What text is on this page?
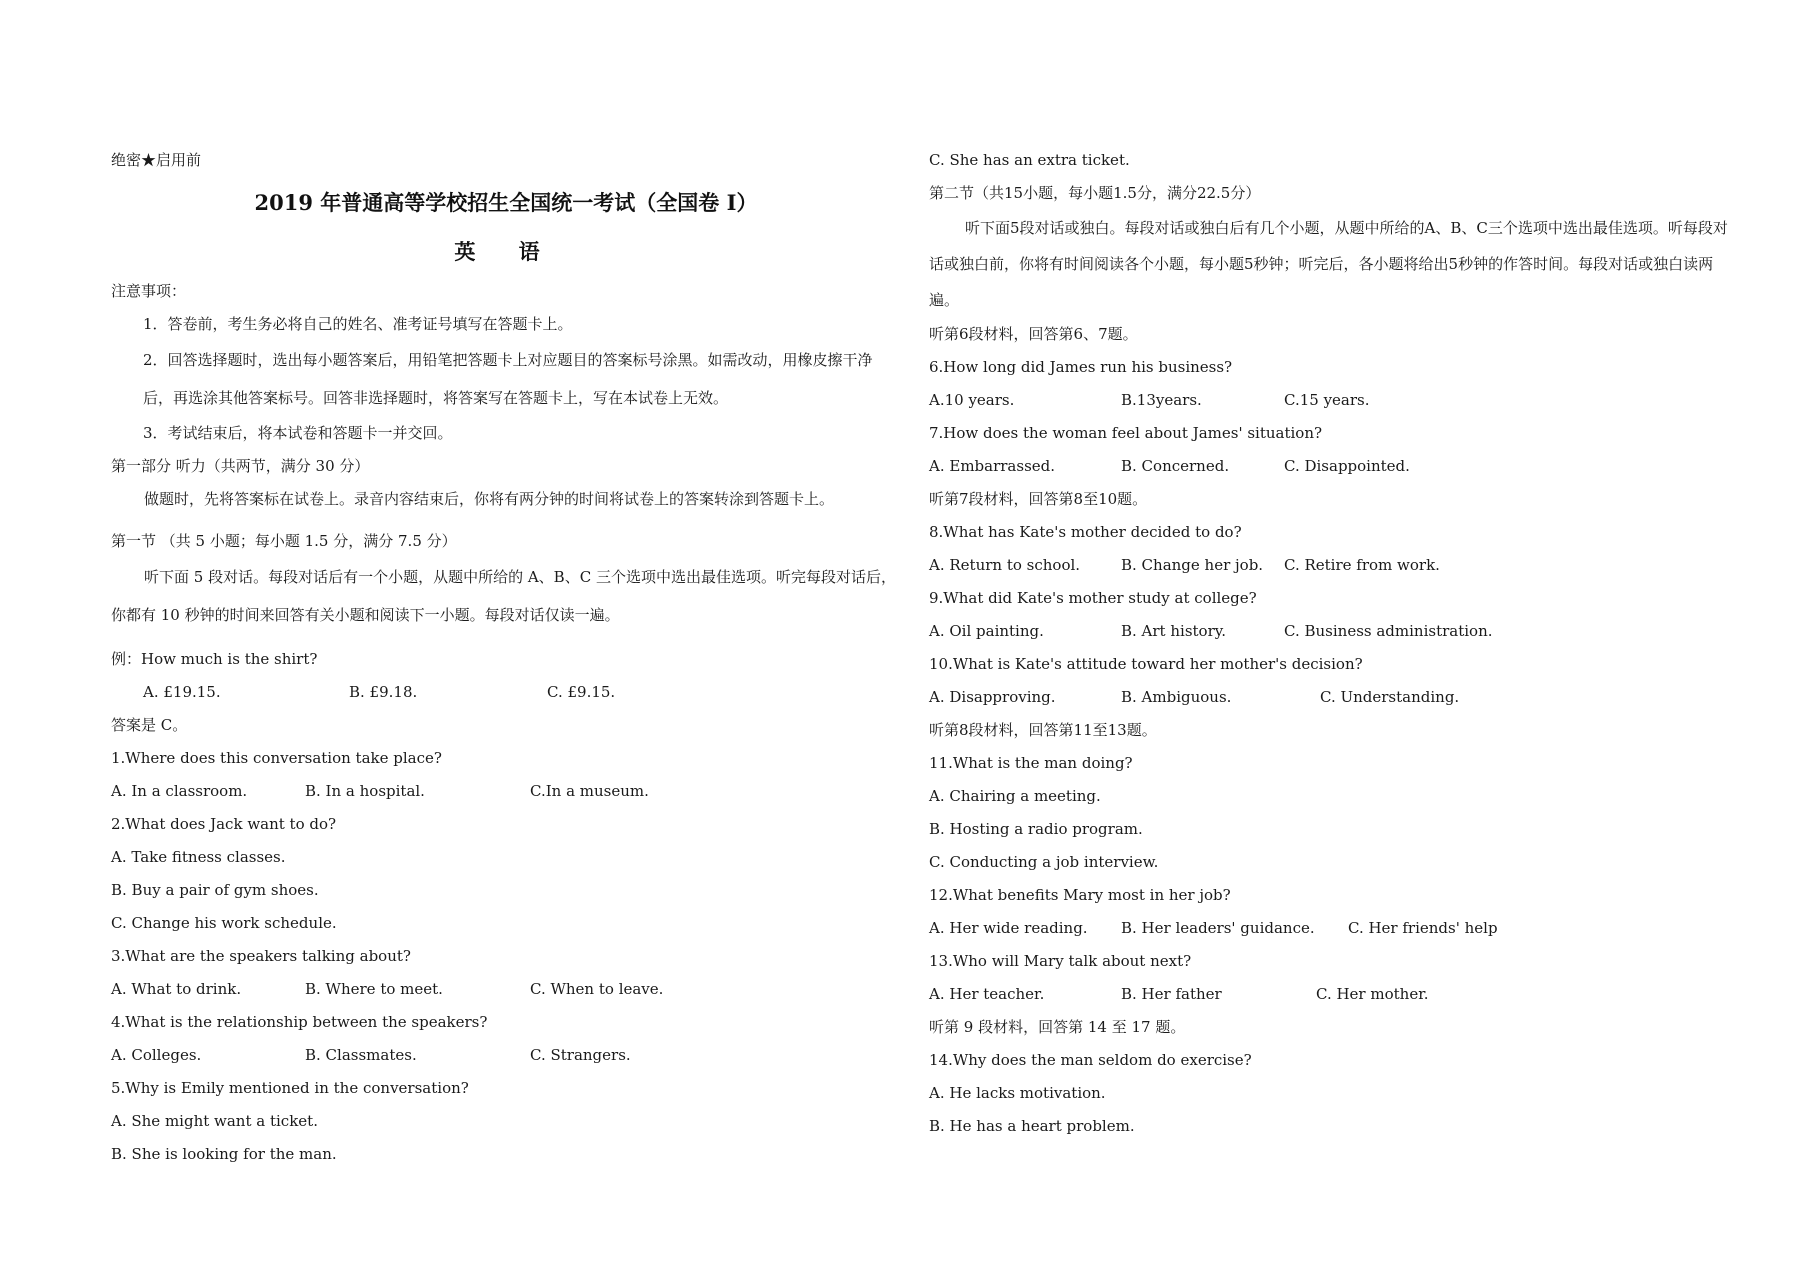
绝密★启用前
2019 年普通高等学校招生全国统一考试（全国卷 I）
英 语
注意事项：
1．答卷前，考生务必将自己的姓名、准考证号填写在答题卡上。
2．回答选择题时，选出每小题答案后，用铅笔把答题卡上对应题目的答案标号涂黑。如需改动，用橡皮擦干净后，再选涂其他答案标号。回答非选择题时，将答案写在答题卡上，写在本试卷上无效。
3．考试结束后，将本试卷和答题卡一并交回。
第一部分 听力（共两节，满分 30 分）
做题时，先将答案标在试卷上。录音内容结束后，你将有两分钟的时间将试卷上的答案转涂到答题卡上。
第一节 （共 5 小题；每小题 1.5 分，满分 7.5 分）
听下面 5 段对话。每段对话后有一个小题，从题中所给的 A、B、C 三个选项中选出最佳选项。听完每段对话后，你都有 10 秒钟的时间来回答有关小题和阅读下一小题。每段对话仅读一遍。
例：How much is the shirt?
A. £19.15.	B. £9.18.	C. £9.15.
答案是 C。
1.Where does this conversation take place?
A. In a classroom.	B. In a hospital.	C.In a museum.
2.What does Jack want to do?
A. Take fitness classes.
B. Buy a pair of gym shoes.
C. Change his work schedule.
3.What are the speakers talking about?
A. What to drink.	B. Where to meet.	C. When to leave.
4.What is the relationship between the speakers?
A. Colleges.	B. Classmates.	C. Strangers.
5.Why is Emily mentioned in the conversation?
A. She might want a ticket.
B. She is looking for the man.
C. She has an extra ticket.
第二节（共15小题，每小题1.5分，满分22.5分）
听下面5段对话或独白。每段对话或独白后有几个小题，从题中所给的A、B、C三个选项中选出最佳选项。听每段对话或独白前，你将有时间阅读各个小题，每小题5秒钟；听完后，各小题将给出5秒钟的作答时间。每段对话或独白读两遍。
听第6段材料，回答第6、7题。
6.How long did James run his business?
A.10 years.	B.13years.	C.15 years.
7.How does the woman feel about James' situation?
A. Embarrassed.	B. Concerned.	C. Disappointed.
听第7段材料，回答第8至10题。
8.What has Kate's mother decided to do?
A. Return to school.	B. Change her job. C. Retire from work.
9.What did Kate's mother study at college?
A. Oil painting.	B. Art history.	C. Business administration.
10.What is Kate's attitude toward her mother's decision?
A. Disapproving.	B. Ambiguous.	C. Understanding.
听第8段材料，回答第11至13题。
11.What is the man doing?
A. Chairing a meeting.
B. Hosting a radio program.
C. Conducting a job interview.
12.What benefits Mary most in her job?
A. Her wide reading. B. Her leaders' guidance. C. Her friends' help
13.Who will Mary talk about next?
A. Her teacher.	B. Her father	C. Her mother.
听第 9 段材料，回答第 14 至 17 题。
14.Why does the man seldom do exercise?
A. He lacks motivation.
B. He has a heart problem.
